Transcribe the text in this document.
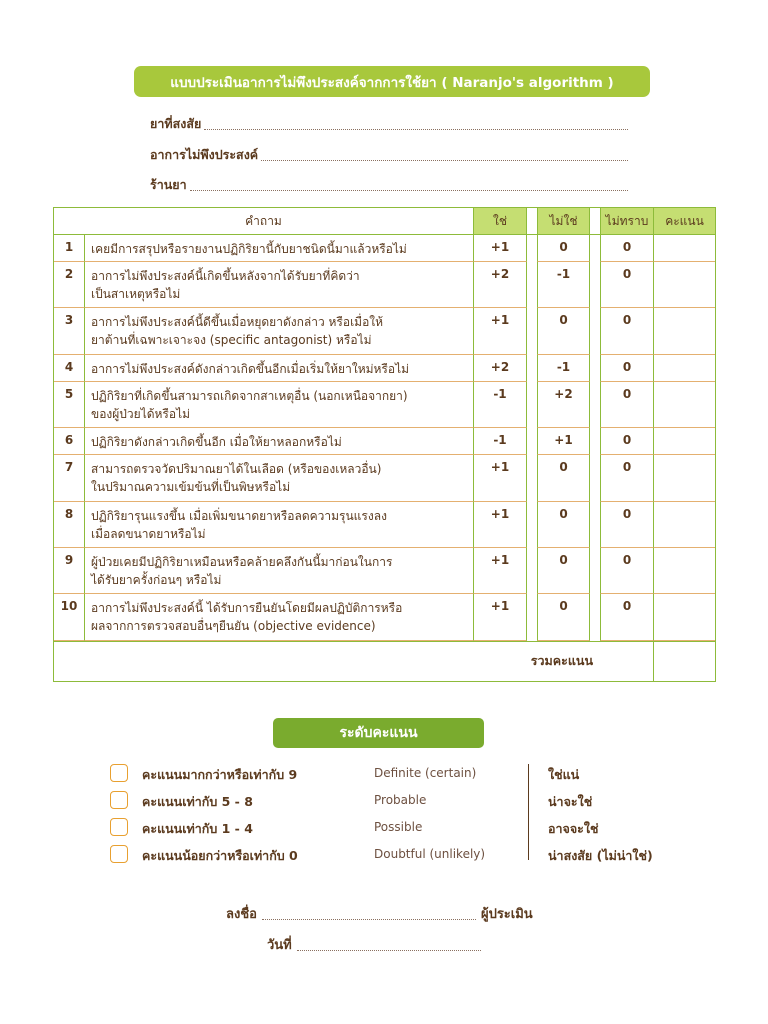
แบบประเมินอาการไม่พึงประสงค์จากการใช้ยา ( Naranjo's algorithm )
ยาที่สงสัย
อาการไม่พึงประสงค์
ร้านยา
คำถาม		ใช่		ไม่ใช่		ไม่ทราบ	คะแนน
1	เคยมีการสรุปหรือรายงานปฏิกิริยานี้กับยาชนิดนี้มาแล้วหรือไม่	+1		0		0	
2	อาการไม่พึงประสงค์นี้เกิดขึ้นหลังจากได้รับยาที่คิดว่า
เป็นสาเหตุหรือไม่	+2		-1		0	
3	อาการไม่พึงประสงค์นี้ดีขึ้นเมื่อหยุดยาดังกล่าว หรือเมื่อให้
ยาต้านที่เฉพาะเจาะจง (specific antagonist) หรือไม่	+1		0		0	
4	อาการไม่พึงประสงค์ดังกล่าวเกิดขึ้นอีกเมื่อเริ่มให้ยาใหม่หรือไม่	+2		-1		0	
5	ปฏิกิริยาที่เกิดขึ้นสามารถเกิดจากสาเหตุอื่น (นอกเหนือจากยา)
ของผู้ป่วยได้หรือไม่	-1		+2		0	
6	ปฏิกิริยาดังกล่าวเกิดขึ้นอีก เมื่อให้ยาหลอกหรือไม่	-1		+1		0	
7	สามารถตรวจวัดปริมาณยาได้ในเลือด (หรือของเหลวอื่น)
ในปริมาณความเข้มข้นที่เป็นพิษหรือไม่	+1		0		0	
8	ปฏิกิริยารุนแรงขึ้น เมื่อเพิ่มขนาดยาหรือลดความรุนแรงลง
เมื่อลดขนาดยาหรือไม่	+1		0		0	
9	ผู้ป่วยเคยมีปฏิกิริยาเหมือนหรือคล้ายคลึงกันนี้มาก่อนในการ
ได้รับยาครั้งก่อนๆ หรือไม่	+1		0		0	
10	อาการไม่พึงประสงค์นี้ ได้รับการยืนยันโดยมีผลปฏิบัติการหรือ
ผลจากการตรวจสอบอื่นๆยืนยัน (objective evidence)	+1		0		0	
รวมคะแนน							
ระดับคะแนน
คะแนนมากกว่าหรือเท่ากับ 9	Definite (certain)	ใช่แน่
คะแนนเท่ากับ 5 - 8	Probable	น่าจะใช่
คะแนนเท่ากับ 1 - 4	Possible	อาจจะใช่
คะแนนน้อยกว่าหรือเท่ากับ 0	Doubtful (unlikely)	น่าสงสัย (ไม่น่าใช่)
ลงชื่อ	ผู้ประเมิน
วันที่
